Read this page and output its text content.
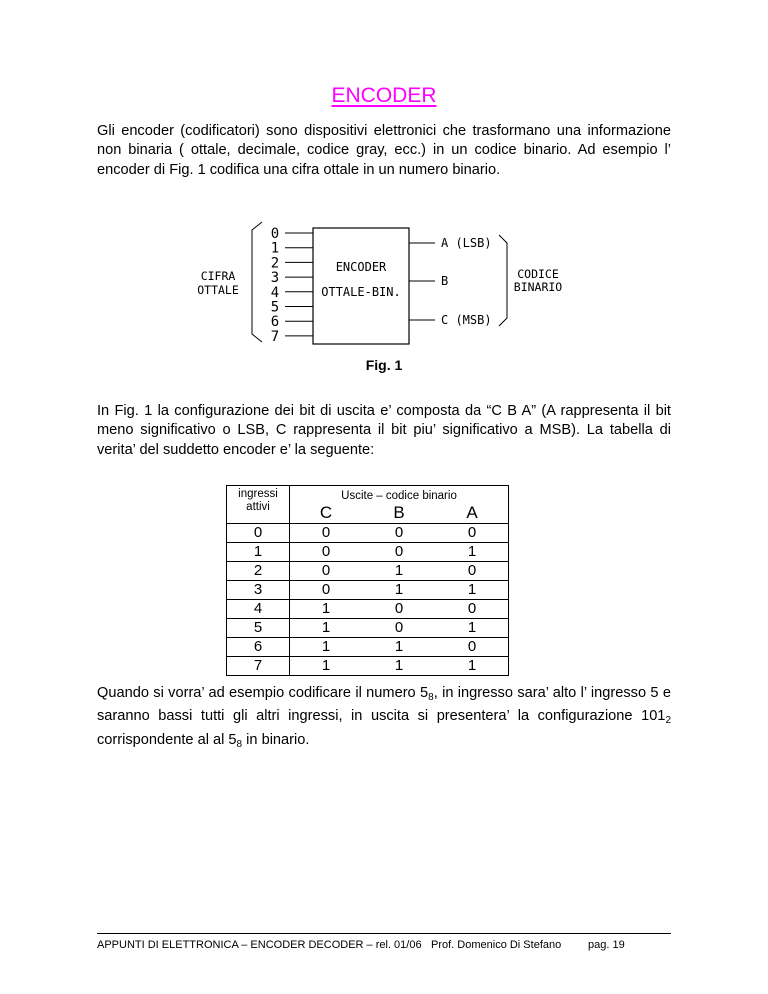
ENCODER
Gli encoder (codificatori) sono dispositivi elettronici che trasformano una informazione non binaria ( ottale, decimale, codice gray, ecc.) in un codice binario. Ad esempio l’ encoder di Fig. 1 codifica una cifra ottale in un numero binario.
ENCODER
OTTALE-BIN.
0
1
2
3
4
5
6
7
CIFRA
OTTALE
A (LSB)
B
C (MSB)
CODICE
BINARIO
Fig. 1
In Fig. 1 la configurazione dei bit di uscita e’ composta da “C B A” (A rappresenta il bit meno significativo o LSB, C rappresenta il bit piu’ significativo a MSB). La tabella di verita’ del suddetto encoder e’ la seguente:
ingressi
attivi	Uscite – codice binario		
	C	B	A
0	0	0	0
1	0	0	1
2	0	1	0
3	0	1	1
4	1	0	0
5	1	0	1
6	1	1	0
7	1	1	1
Quando si vorra’ ad esempio codificare il numero $5_8$, in ingresso sara’ alto l’ ingresso 5 e saranno bassi tutti gli altri ingressi, in uscita si presentera’ la configurazione $101_2$ corrispondente al al $5_8$ in binario.
APPUNTI DI ELETTRONICA – ENCODER DECODER – rel. 01/06 Prof. Domenico Di Stefano pag. 19
